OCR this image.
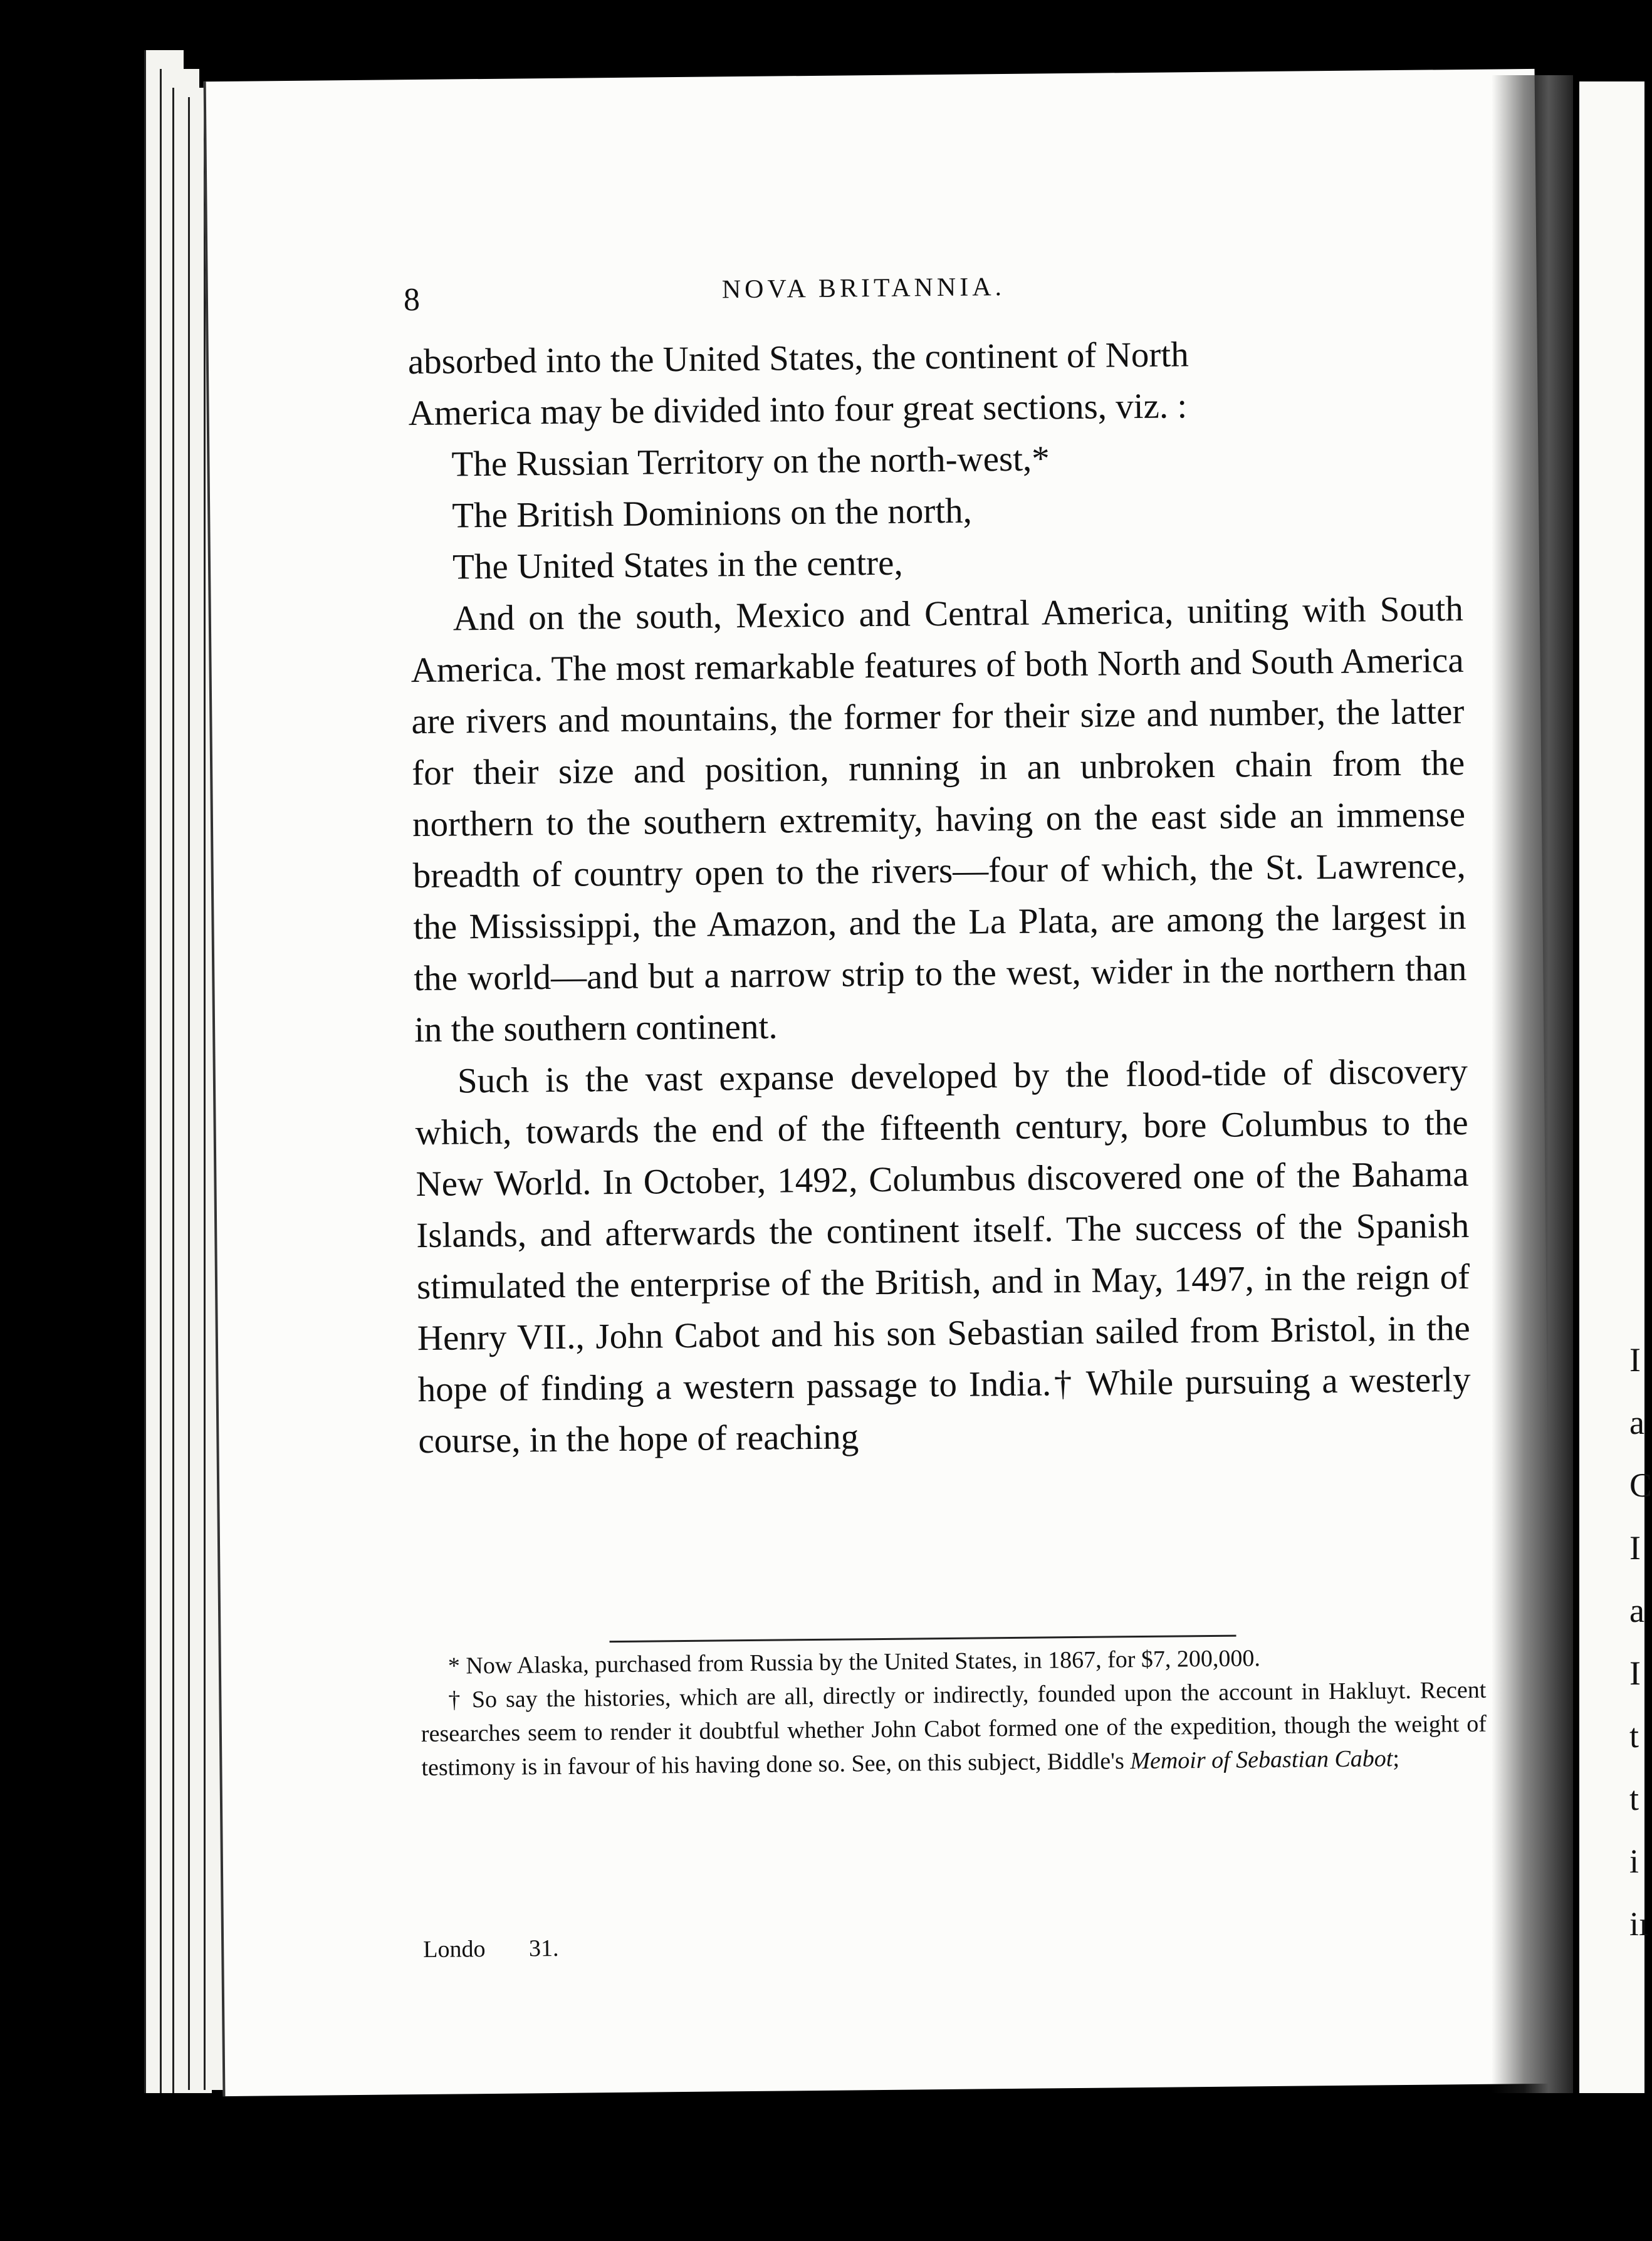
I
a
C
I
a
I
t
t
i
iı
8	NOVA BRITANNIA.

absorbed into the United States, the continent of North

America may be divided into four great sections, viz. :

The Russian Territory on the north-west,*

The British Dominions on the north,

The United States in the centre,

And on the south, Mexico and Central America, uniting with South America. The most remarkable features of both North and South America are rivers and mountains, the former for their size and number, the latter for their size and position, running in an unbroken chain from the northern to the southern extremity, having on the east side an immense breadth of country open to the rivers—four of which, the St. Lawrence, the Mississippi, the Amazon, and the La Plata, are among the largest in the world—and but a narrow strip to the west, wider in the northern than in the southern continent.

Such is the vast expanse developed by the flood-tide of discovery which, towards the end of the fifteenth century, bore Columbus to the New World. In October, 1492, Columbus discovered one of the Bahama Islands, and afterwards the continent itself. The success of the Spanish stimulated the enterprise of the British, and in May, 1497, in the reign of Henry VII., John Cabot and his son Sebastian sailed from Bristol, in the hope of finding a western passage to India.† While pursuing a westerly course, in the hope of reaching

* Now Alaska, purchased from Russia by the United States, in 1867, for $7, 200,000.

† So say the histories, which are all, directly or indirectly, founded upon the account in Hakluyt. Recent researches seem to render it doubtful whether John Cabot formed one of the expedition, though the weight of testimony is in favour of his having done so. See, on this subject, Biddle's Memoir of Sebastian Cabot;

Londo 31.
